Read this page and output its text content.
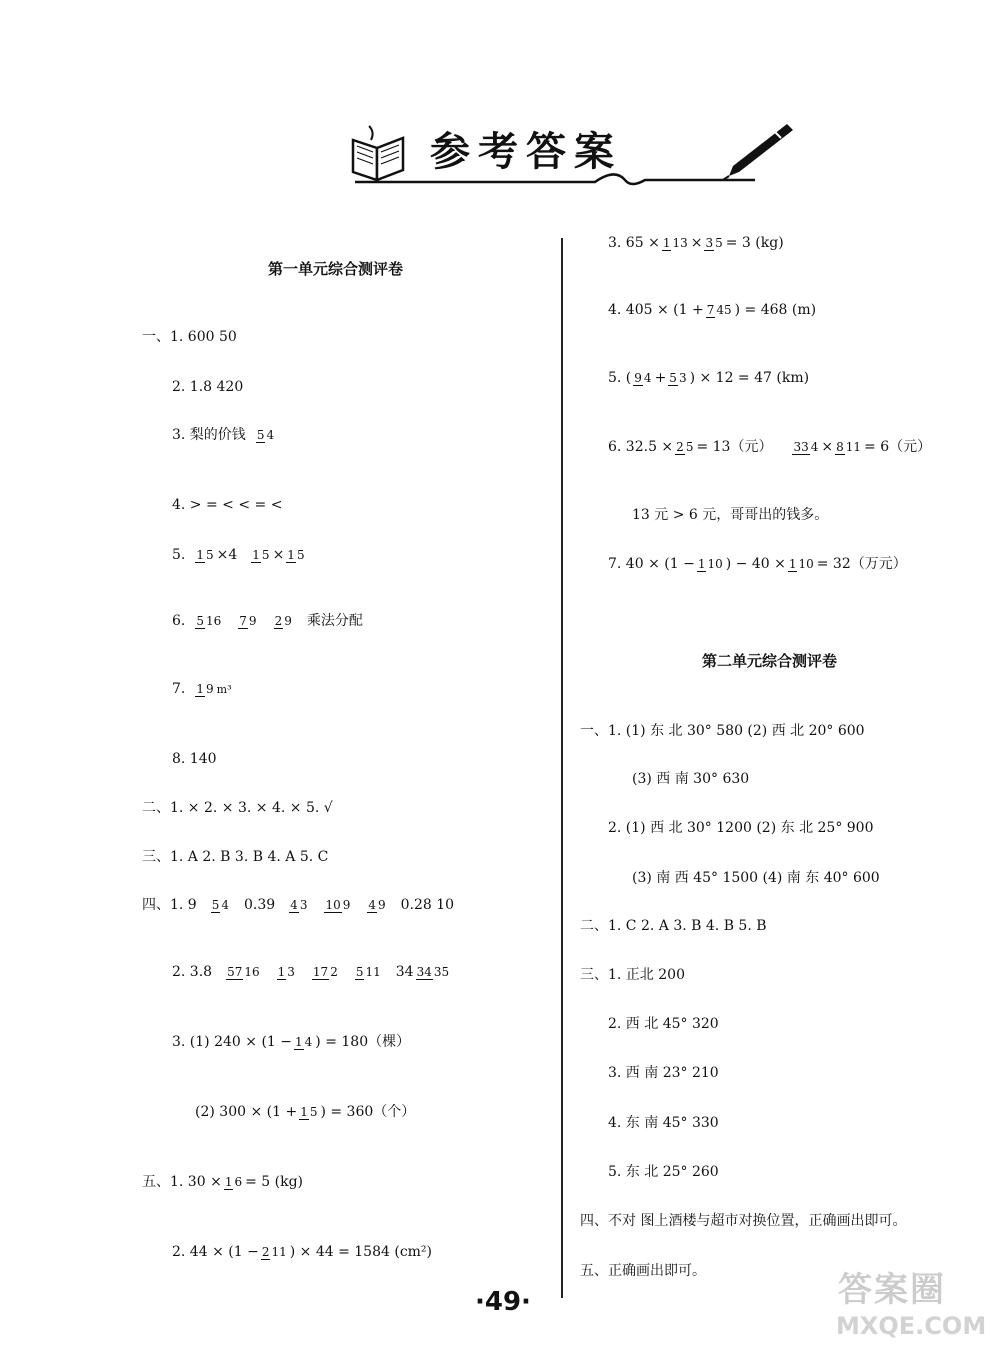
参考答案
第一单元综合测评卷
一、1. 600 50
2. 1.8 420
3. 梨的价钱 5 4
4. > = < < = <
5. 1 5 ×4 1 5 × 1 5
6. 5 16 7 9 2 9 乘法分配
7. 1 9 m³
8. 140
二、1. × 2. × 3. × 4. × 5. √
三、1. A 2. B 3. B 4. A 5. C
四、1. 9 5 4 0.39 4 3 10 9 4 9 0.28 10
2. 3.8 57 16 1 3 17 2 5 11 34 34 35
3. (1) 240 × (1 − 1 4 ) = 180（棵）
(2) 300 × (1 + 1 5 ) = 360（个）
五、1. 30 × 1 6 = 5 (kg)
2. 44 × (1 − 2 11 ) × 44 = 1584 (cm²)
3. 65 × 1 13 × 3 5 = 3 (kg)
4. 405 × (1 + 7 45 ) = 468 (m)
5. ( 9 4 + 5 3 ) × 12 = 47 (km)
6. 32.5 × 2 5 = 13（元） 33 4 × 8 11 = 6（元）
13 元 > 6 元，哥哥出的钱多。
7. 40 × (1 − 1 10 ) − 40 × 1 10 = 32（万元）
第二单元综合测评卷
一、1. (1) 东 北 30° 580 (2) 西 北 20° 600
(3) 西 南 30° 630
2. (1) 西 北 30° 1200 (2) 东 北 25° 900
(3) 南 西 45° 1500 (4) 南 东 40° 600
二、1. C 2. A 3. B 4. B 5. B
三、1. 正北 200
2. 西 北 45° 320
3. 西 南 23° 210
4. 东 南 45° 330
5. 东 北 25° 260
四、不对 图上酒楼与超市对换位置，正确画出即可。
五、正确画出即可。
·49·	答案圈
MXQE.COM
